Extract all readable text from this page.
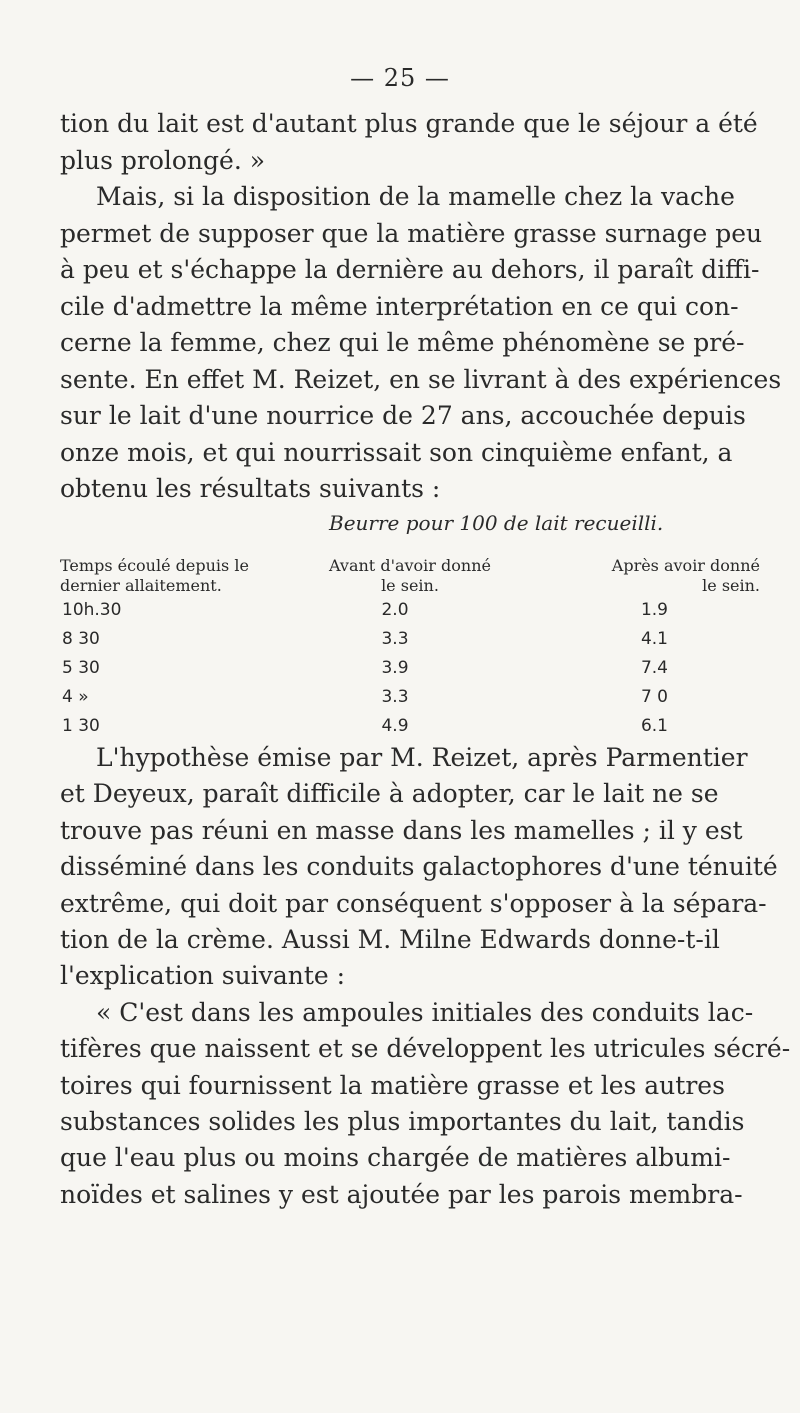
— 25 —
tion du lait est d'autant plus grande que le séjour a été
plus prolongé. »
Mais, si la disposition de la mamelle chez la vache
permet de supposer que la matière grasse surnage peu
à peu et s'échappe la dernière au dehors, il paraît diffi-
cile d'admettre la même interprétation en ce qui con-
cerne la femme, chez qui le même phénomène se pré-
sente. En effet M. Reizet, en se livrant à des expériences
sur le lait d'une nourrice de 27 ans, accouchée depuis
onze mois, et qui nourrissait son cinquième enfant, a
obtenu les résultats suivants :
Beurre pour 100 de lait recueilli.
Temps écoulé depuis le
dernier allaitement.	Avant d'avoir donné
le sein.	Après avoir donné
le sein.
10h.30	2.0	1.9
8 30	3.3	4.1
5 30	3.9	7.4
4 »	3.3	7 0
1 30	4.9	6.1
L'hypothèse émise par M. Reizet, après Parmentier
et Deyeux, paraît difficile à adopter, car le lait ne se
trouve pas réuni en masse dans les mamelles ; il y est
disséminé dans les conduits galactophores d'une ténuité
extrême, qui doit par conséquent s'opposer à la sépara-
tion de la crème. Aussi M. Milne Edwards donne-t-il
l'explication suivante :
« C'est dans les ampoules initiales des conduits lac-
tifères que naissent et se développent les utricules sécré-
toires qui fournissent la matière grasse et les autres
substances solides les plus importantes du lait, tandis
que l'eau plus ou moins chargée de matières albumi-
noïdes et salines y est ajoutée par les parois membra-
